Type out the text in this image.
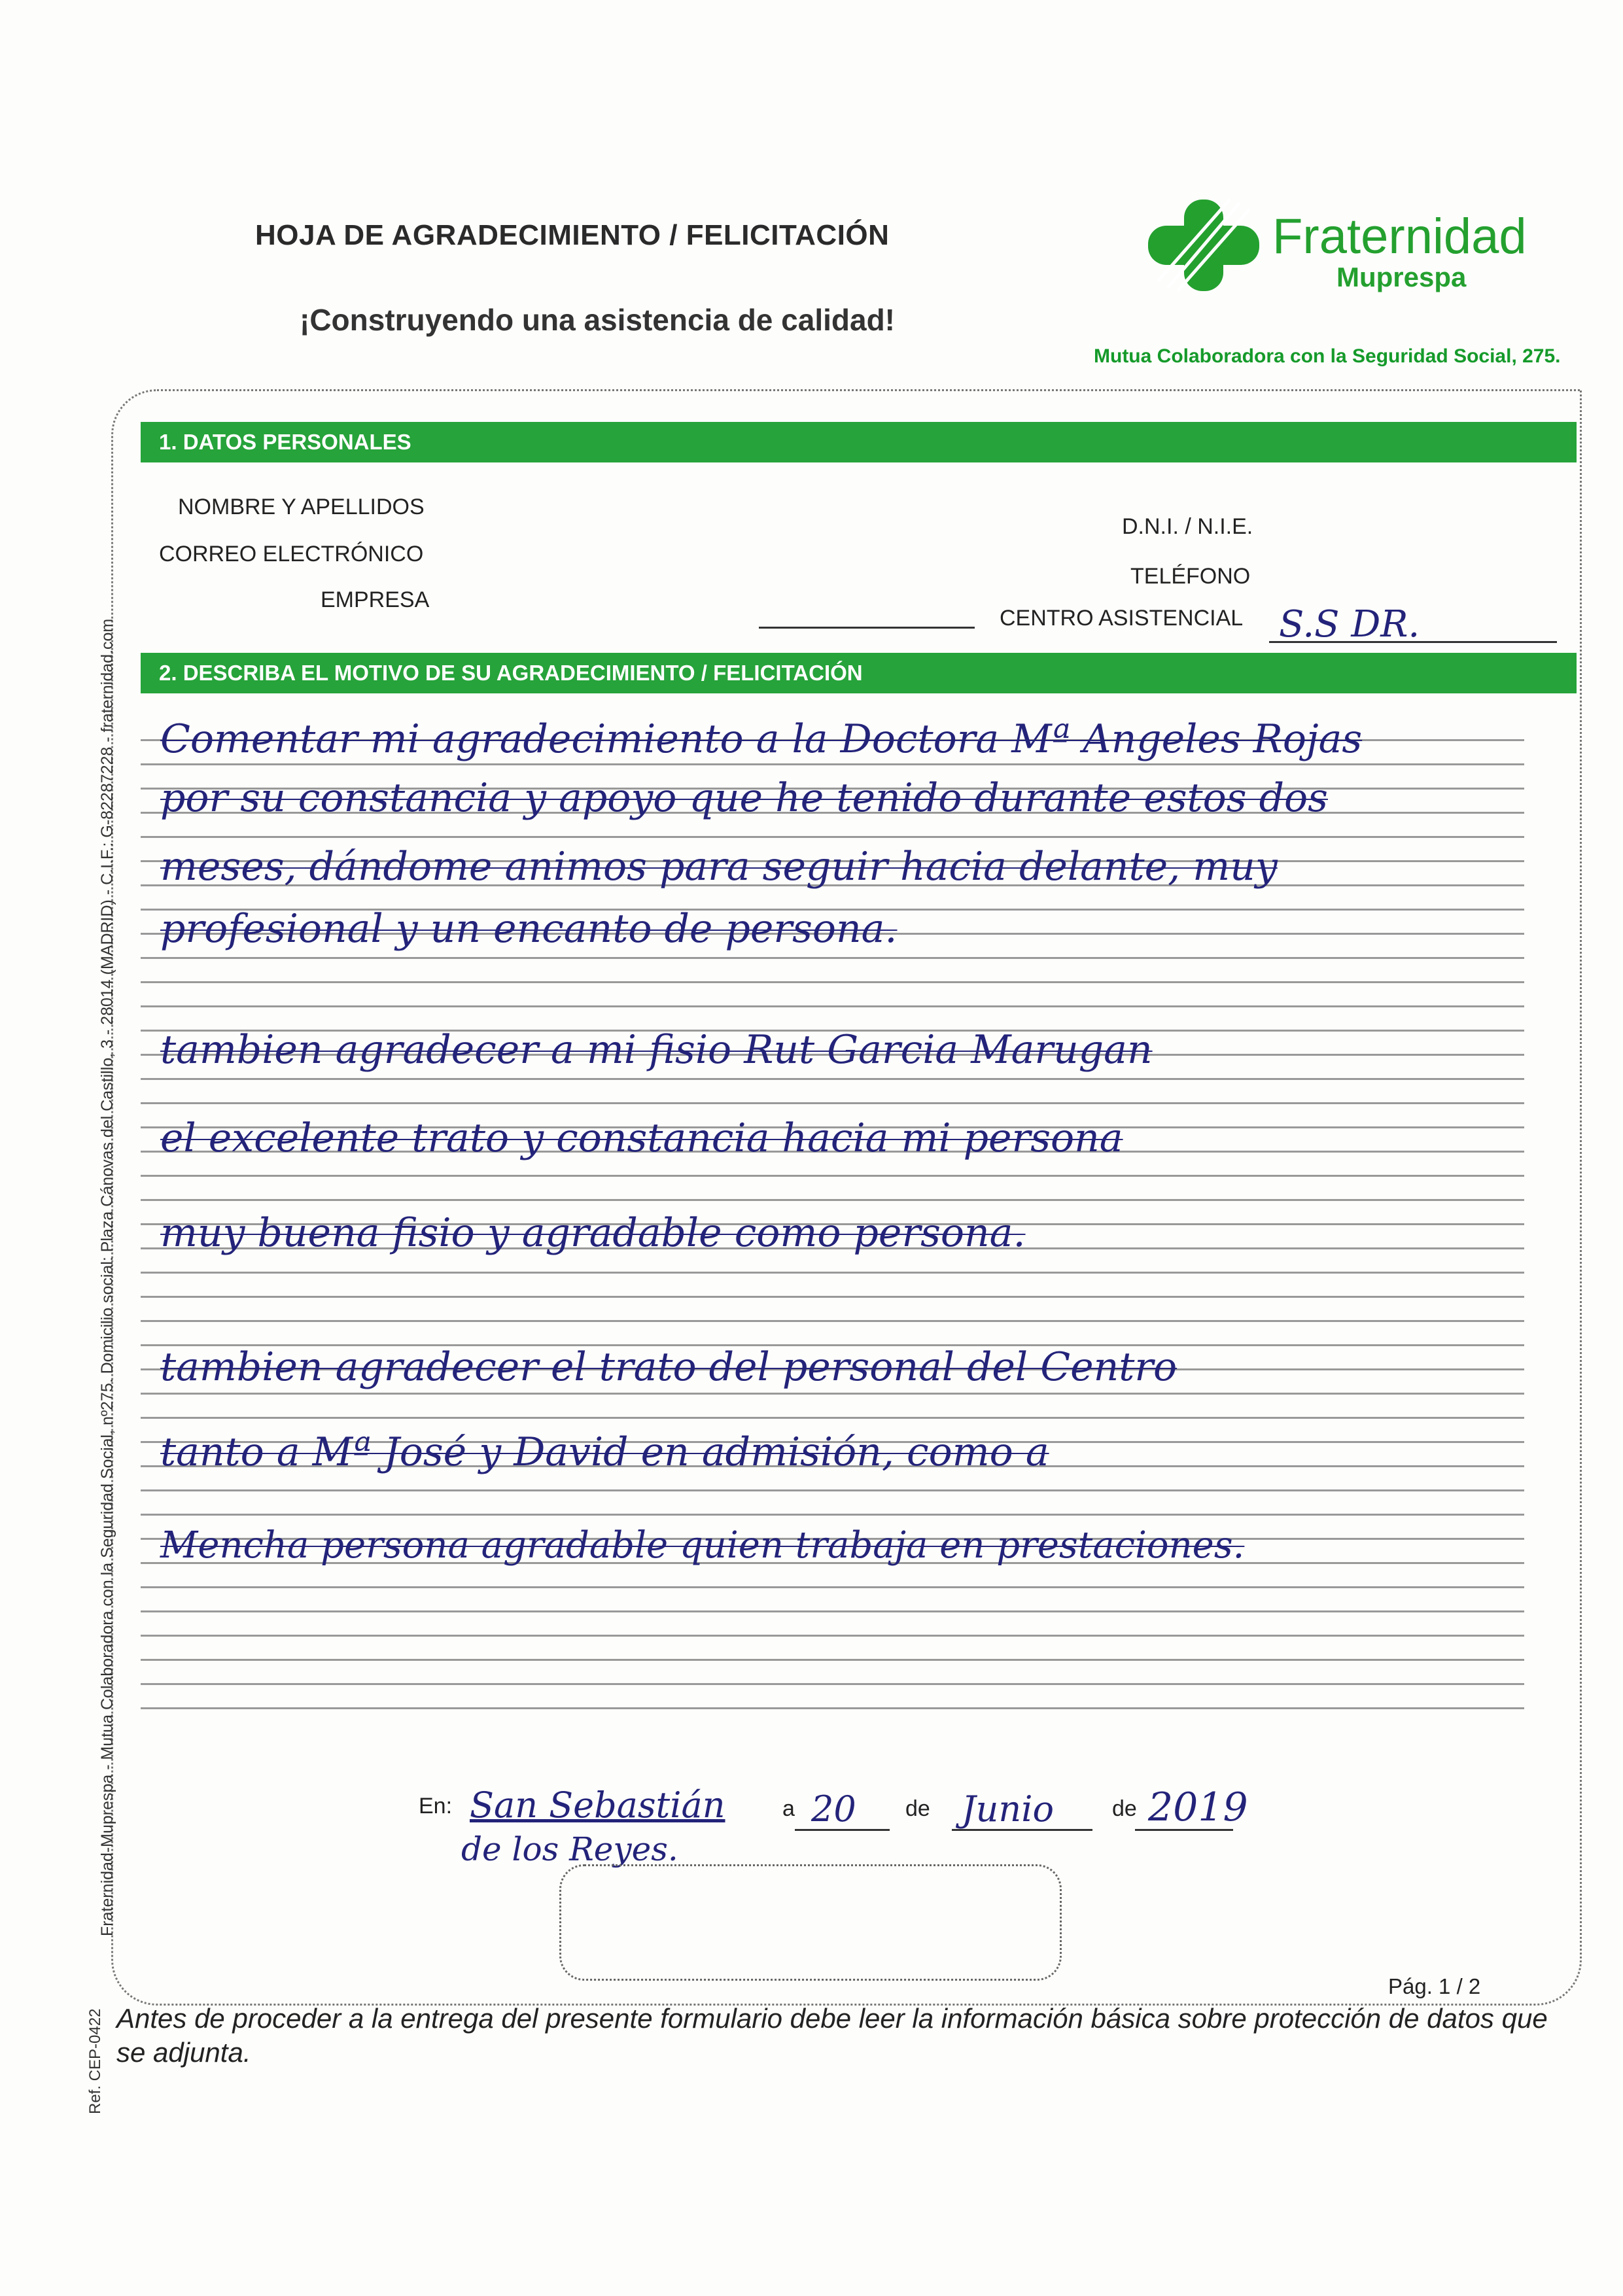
HOJA DE AGRADECIMIENTO / FELICITACIÓN
¡Construyendo una asistencia de calidad!
Fraternidad
Muprespa
Mutua Colaboradora con la Seguridad Social, 275.
1. DATOS PERSONALES
NOMBRE Y APELLIDOS
CORREO ELECTRÓNICO
EMPRESA
D.N.I. / N.I.E.
TELÉFONO
CENTRO ASISTENCIAL S.S DR.
2. DESCRIBA EL MOTIVO DE SU AGRADECIMIENTO / FELICITACIÓN
Comentar mi agradecimiento a la Doctora Mª Angeles Rojas
por su constancia y apoyo que he tenido durante estos dos
meses, dándome animos para seguir hacia delante, muy
profesional y un encanto de persona.
tambien agradecer a mi fisio Rut Garcia Marugan
el excelente trato y constancia hacia mi persona
muy buena fisio y agradable como persona.
tambien agradecer el trato del personal del Centro
tanto a Mª José y David en admisión, como a
Mencha persona agradable quien trabaja en prestaciones.
En: San Sebastián
de los Reyes.
a 20 de Junio	de 2019
Pág. 1 / 2
Antes de proceder a la entrega del presente formulario debe leer la información básica sobre protección de datos que se adjunta.
Fraternidad-Muprespa - Mutua Colaboradora con la Seguridad Social, nº275. Domicilio social: Plaza Cánovas del Castillo, 3 - 28014 (MADRID) - C.I.F.: G-82287228 - fraternidad.com
Ref. CEP-0422
